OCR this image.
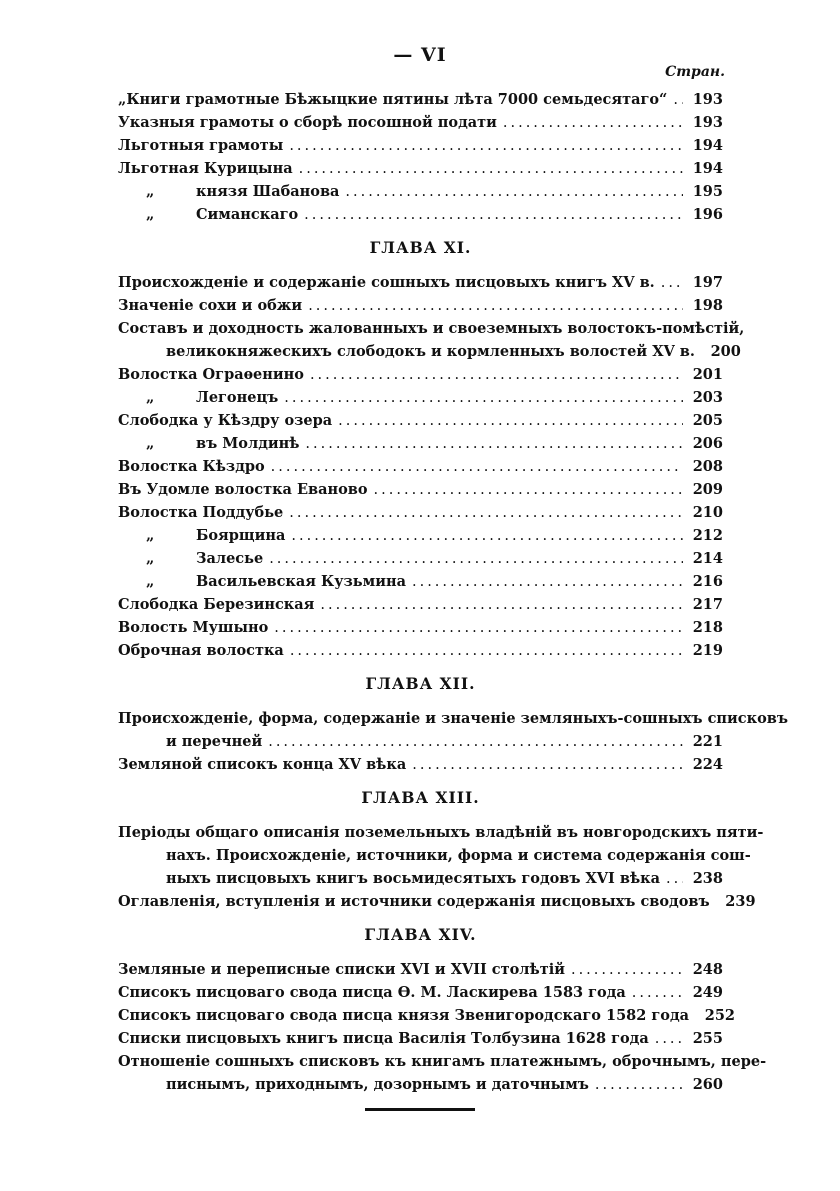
— VI
Стран.
„Книги грамотные Бѣжыцкие пятины лѣта 7000 семьдесятаго“ ..... 193
Указныя грамоты о сборѣ посошной подати .....	193
Льготныя грамоты .....	194
Льготная Курицына .....	194
„	князя Шабанова .....	195
„	Симанскаго .....	196
ГЛАВА XI.
Происхожденіе и содержаніе сошныхъ писцовыхъ книгъ XV в. .....	197
Значеніе сохи и обжи .....	198
Составъ и доходность жалованныхъ и своеземныхъ волостокъ-помѣстій,
великокняжескихъ слободокъ и кормленныхъ волостей XV в. 200
Волостка Ограѳенино .....	201
„	Легонецъ .....	203
Слободка у Кѣздру озера .....	205
„	въ Молдинѣ .....	206
Волостка Кѣздро .....	208
Въ Удомле волостка Еваново .....	209
Волостка Поддубье .....	210
„	Боярщина .....	212
„	Залесье .....	214
„	Васильевская Кузьмина .....	216
Слободка Березинская .....	217
Волость Мушыно .....	218
Оброчная волостка .....	219
ГЛАВА XII.
Происхожденіе, форма, содержаніе и значеніе земляныхъ-сошныхъ списковъ
и перечней .....	221
Земляной списокъ конца XV вѣка .....	224
ГЛАВА XIII.
Періоды общаго описанія поземельныхъ владѣній въ новгородскихъ пяти-
нахъ. Происхожденіе, источники, форма и система содержанія сош-
ныхъ писцовыхъ книгъ восьмидесятыхъ годовъ XVI вѣка ..... 238
Оглавленія, вступленія и источники содержанія писцовыхъ сводовъ 239
ГЛАВА XIV.
Земляные и переписные списки XVI и XVII столѣтій .....	248
Списокъ писцоваго свода писца Ѳ. М. Ласкирева 1583 года .....	249
Списокъ писцоваго свода писца князя Звенигородскаго 1582 года 252
Списки писцовыхъ книгъ писца Василія Толбузина 1628 года .....	255
Отношеніе сошныхъ списковъ къ книгамъ платежнымъ, оброчнымъ, пере-
писнымъ, приходнымъ, дозорнымъ и даточнымъ .....	260
